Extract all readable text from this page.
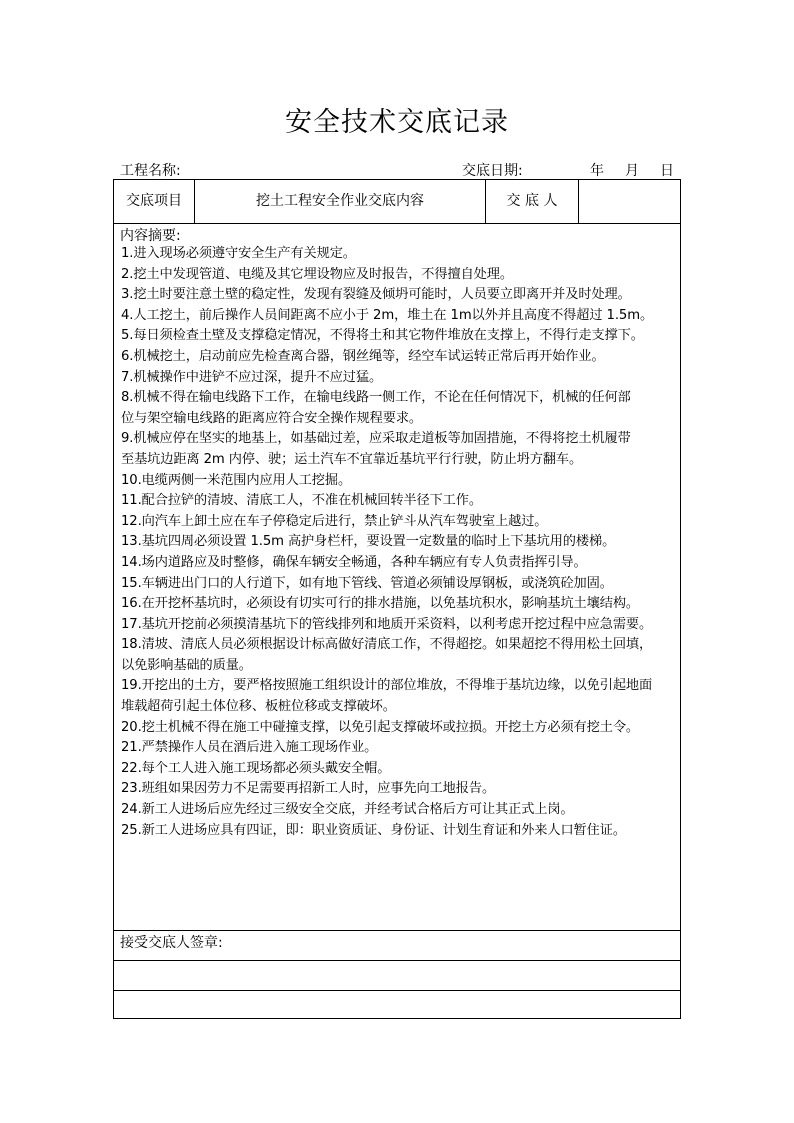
安全技术交底记录
工程名称:	交底日期:	年 月 日
交底项目	挖土工程安全作业交底内容	交 底 人
内容摘要:
1.进入现场必须遵守安全生产有关规定。
2.挖土中发现管道、电缆及其它埋设物应及时报告，不得擅自处理。
3.挖土时要注意土壁的稳定性，发现有裂缝及倾坍可能时，人员要立即离开并及时处理。
4.人工挖土，前后操作人员间距离不应小于 2m，堆土在 1m以外并且高度不得超过 1.5m。
5.每日须检查土壁及支撑稳定情况，不得将土和其它物件堆放在支撑上，不得行走支撑下。
6.机械挖土，启动前应先检查离合器，钢丝绳等，经空车试运转正常后再开始作业。
7.机械操作中进铲不应过深，提升不应过猛。
8.机械不得在输电线路下工作，在输电线路一侧工作，不论在任何情况下，机械的任何部
位与架空输电线路的距离应符合安全操作规程要求。
9.机械应停在坚实的地基上，如基础过差，应采取走道板等加固措施，不得将挖土机履带
至基坑边距离 2m 内停、驶；运土汽车不宜靠近基坑平行行驶，防止坍方翻车。
10.电缆两侧一米范围内应用人工挖掘。
11.配合拉铲的清坡、清底工人，不准在机械回转半径下工作。
12.向汽车上卸土应在车子停稳定后进行，禁止铲斗从汽车驾驶室上越过。
13.基坑四周必须设置 1.5m 高护身栏杆，要设置一定数量的临时上下基坑用的楼梯。
14.场内道路应及时整修，确保车辆安全畅通，各种车辆应有专人负责指挥引导。
15.车辆进出门口的人行道下，如有地下管线、管道必须铺设厚钢板，或浇筑砼加固。
16.在开挖杯基坑时，必须设有切实可行的排水措施，以免基坑积水，影响基坑土壤结构。
17.基坑开挖前必须摸清基坑下的管线排列和地质开采资料，以利考虑开挖过程中应急需要。
18.清坡、清底人员必须根据设计标高做好清底工作，不得超挖。如果超挖不得用松土回填，
以免影响基础的质量。
19.开挖出的土方，要严格按照施工组织设计的部位堆放，不得堆于基坑边缘，以免引起地面
堆载超荷引起土体位移、板桩位移或支撑破坏。
20.挖土机械不得在施工中碰撞支撑，以免引起支撑破坏或拉损。开挖土方必须有挖土令。
21.严禁操作人员在酒后进入施工现场作业。
22.每个工人进入施工现场都必须头戴安全帽。
23.班组如果因劳力不足需要再招新工人时，应事先向工地报告。
24.新工人进场后应先经过三级安全交底，并经考试合格后方可让其正式上岗。
25.新工人进场应具有四证，即：职业资质证、身份证、计划生育证和外来人口暂住证。
接受交底人签章:
